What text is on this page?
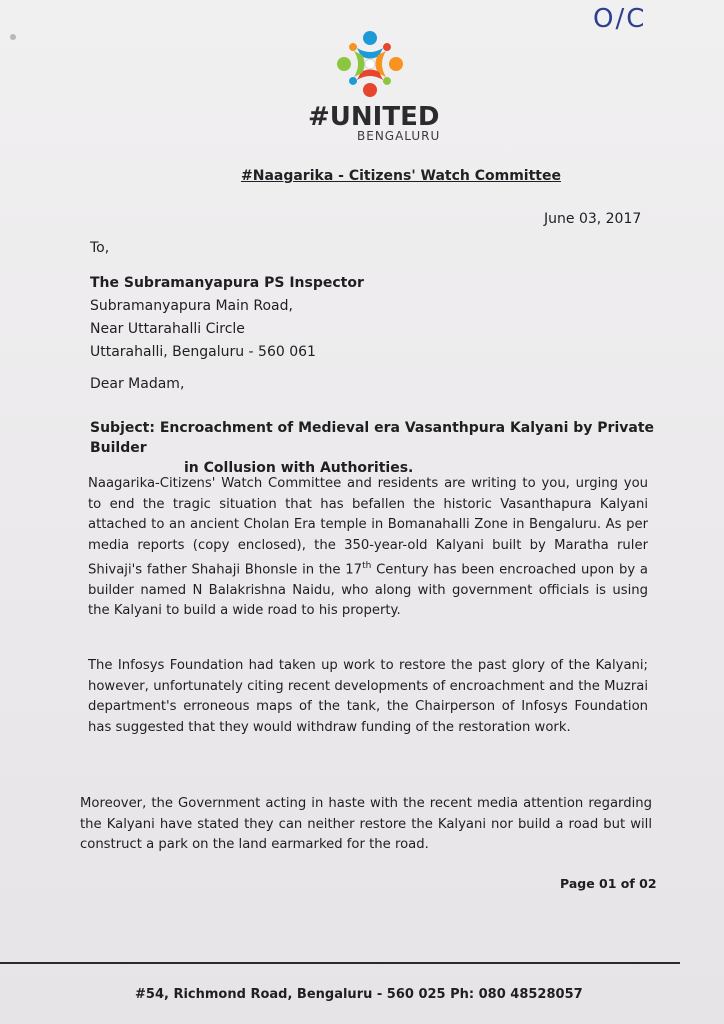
O/C
#UNITED
BENGALURU
#Naagarika - Citizens' Watch Committee
June 03, 2017
To,
The Subramanyapura PS Inspector
Subramanyapura Main Road,
Near Uttarahalli Circle
Uttarahalli, Bengaluru - 560 061
Dear Madam,
Subject: Encroachment of Medieval era Vasanthpura Kalyani by Private Builder
in Collusion with Authorities.
Naagarika-Citizens' Watch Committee and residents are writing to you, urging you to end the tragic situation that has befallen the historic Vasanthapura Kalyani attached to an ancient Cholan Era temple in Bomanahalli Zone in Bengaluru. As per media reports (copy enclosed), the 350-year-old Kalyani built by Maratha ruler Shivaji's father Shahaji Bhonsle in the 17th Century has been encroached upon by a builder named N Balakrishna Naidu, who along with government officials is using the Kalyani to build a wide road to his property.
The Infosys Foundation had taken up work to restore the past glory of the Kalyani; however, unfortunately citing recent developments of encroachment and the Muzrai department's erroneous maps of the tank, the Chairperson of Infosys Foundation has suggested that they would withdraw funding of the restoration work.
Moreover, the Government acting in haste with the recent media attention regarding the Kalyani have stated they can neither restore the Kalyani nor build a road but will construct a park on the land earmarked for the road.
Page 01 of 02
#54, Richmond Road, Bengaluru - 560 025 Ph: 080 48528057
